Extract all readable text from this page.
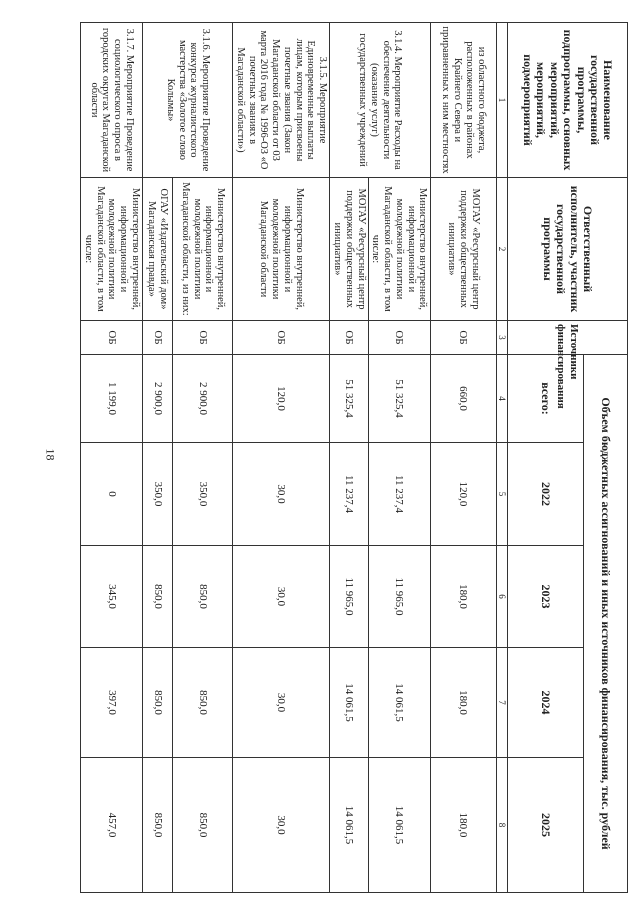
18
Наименование государственной программы, подпрограммы, основных мероприятий, мероприятий, подмероприятий	Ответственный исполнитель, участник государственной программы	Источники финансирования	Объем бюджетных ассигнований и иных источников финансирования, тыс. рублей				
			всего:	2022	2023	2024	2025
1	2	3	4	5	6	7	8
из областного бюджета, расположенных в районах Крайнего Севера и приравненных к ним местностях	МОГАУ «Ресурсный центр поддержки общественных инициатив»	ОБ	660,0	120,0	180,0	180,0	180,0
3.1.4. Мероприятие Расходы на обеспечение деятельности (оказание услуг) государственных учреждений	Министерство внутренней, информационной и молодежной политики Магаданской области, в том числе:	ОБ	51 325,4	11 237,4	11 965,0	14 061,5	14 061,5
	МОГАУ «Ресурсный центр поддержки общественных инициатив»	ОБ	51 325,4	11 237,4	11 965,0	14 061,5	14 061,5
3.1.5. Мероприятие Единовременные выплаты лицам, которым присвоены почетные звания (Закон Магаданской области от 03 марта 2016 года № 1996-ОЗ «О почетных званиях в Магаданской области»)	Министерство внутренней, информационной и молодежной политики Магаданской области	ОБ	120,0	30,0	30,0	30,0	30,0
3.1.6. Мероприятие Проведение конкурса журналистского мастерства «Золотое слово Колымы»	Министерство внутренней, информационной и молодежной политики Магаданской области, из них:	ОБ	2 900,0	350,0	850,0	850,0	850,0
	ОГАУ «Издательский дом» Магаданская правда»	ОБ	2 900,0	350,0	850,0	850,0	850,0
3.1.7. Мероприятие Проведение социологического опроса в городских округах Магаданской области	Министерство внутренней, информационной и молодежной политики Магаданской области, в том числе:	ОБ	1 199,0	0	345,0	397,0	457,0
